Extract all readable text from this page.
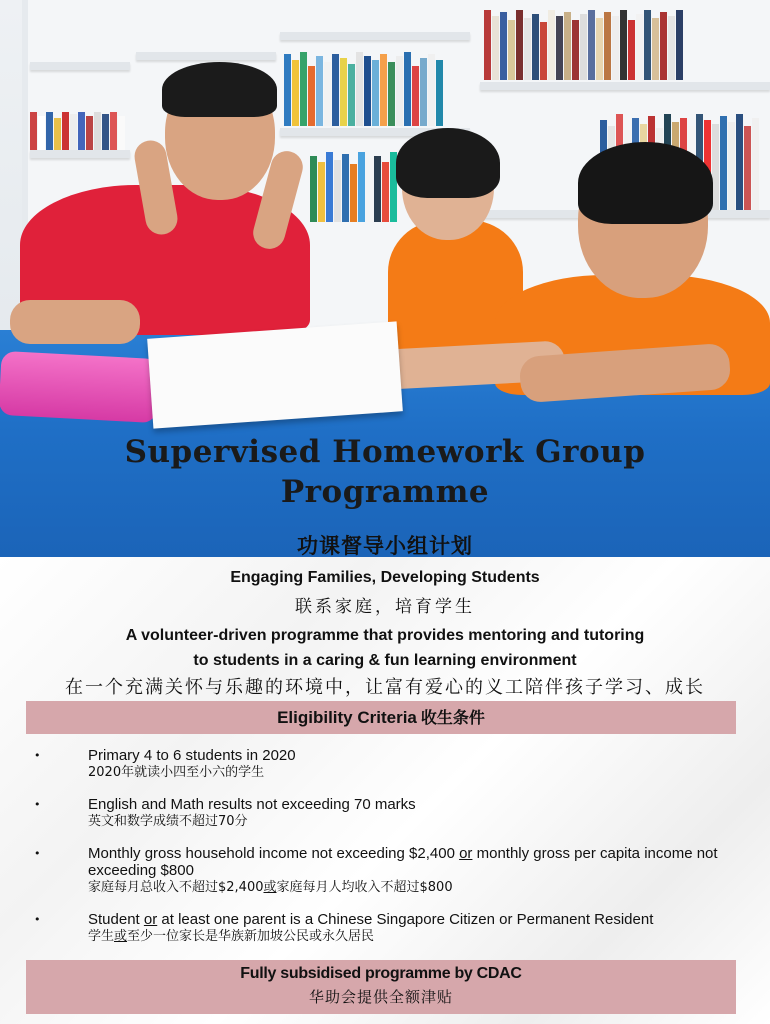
Supervised Homework Group
Programme
功课督导小组计划
Engaging Families, Developing Students
联系家庭，培育学生
A volunteer-driven programme that provides mentoring and tutoring
to students in a caring & fun learning environment
在一个充满关怀与乐趣的环境中，让富有爱心的义工陪伴孩子学习、成长
Eligibility Criteria 收生条件
•	Primary 4 to 6 students in 2020
2020年就读小四至小六的学生
•	English and Math results not exceeding 70 marks
英文和数学成绩不超过70分
•	Monthly gross household income not exceeding $2,400 or monthly gross per capita income not exceeding $800
家庭每月总收入不超过$2,400或家庭每月人均收入不超过$800
•	Student or at least one parent is a Chinese Singapore Citizen or Permanent Resident
学生或至少一位家长是华族新加坡公民或永久居民
Fully subsidised programme by CDAC
华助会提供全额津贴
